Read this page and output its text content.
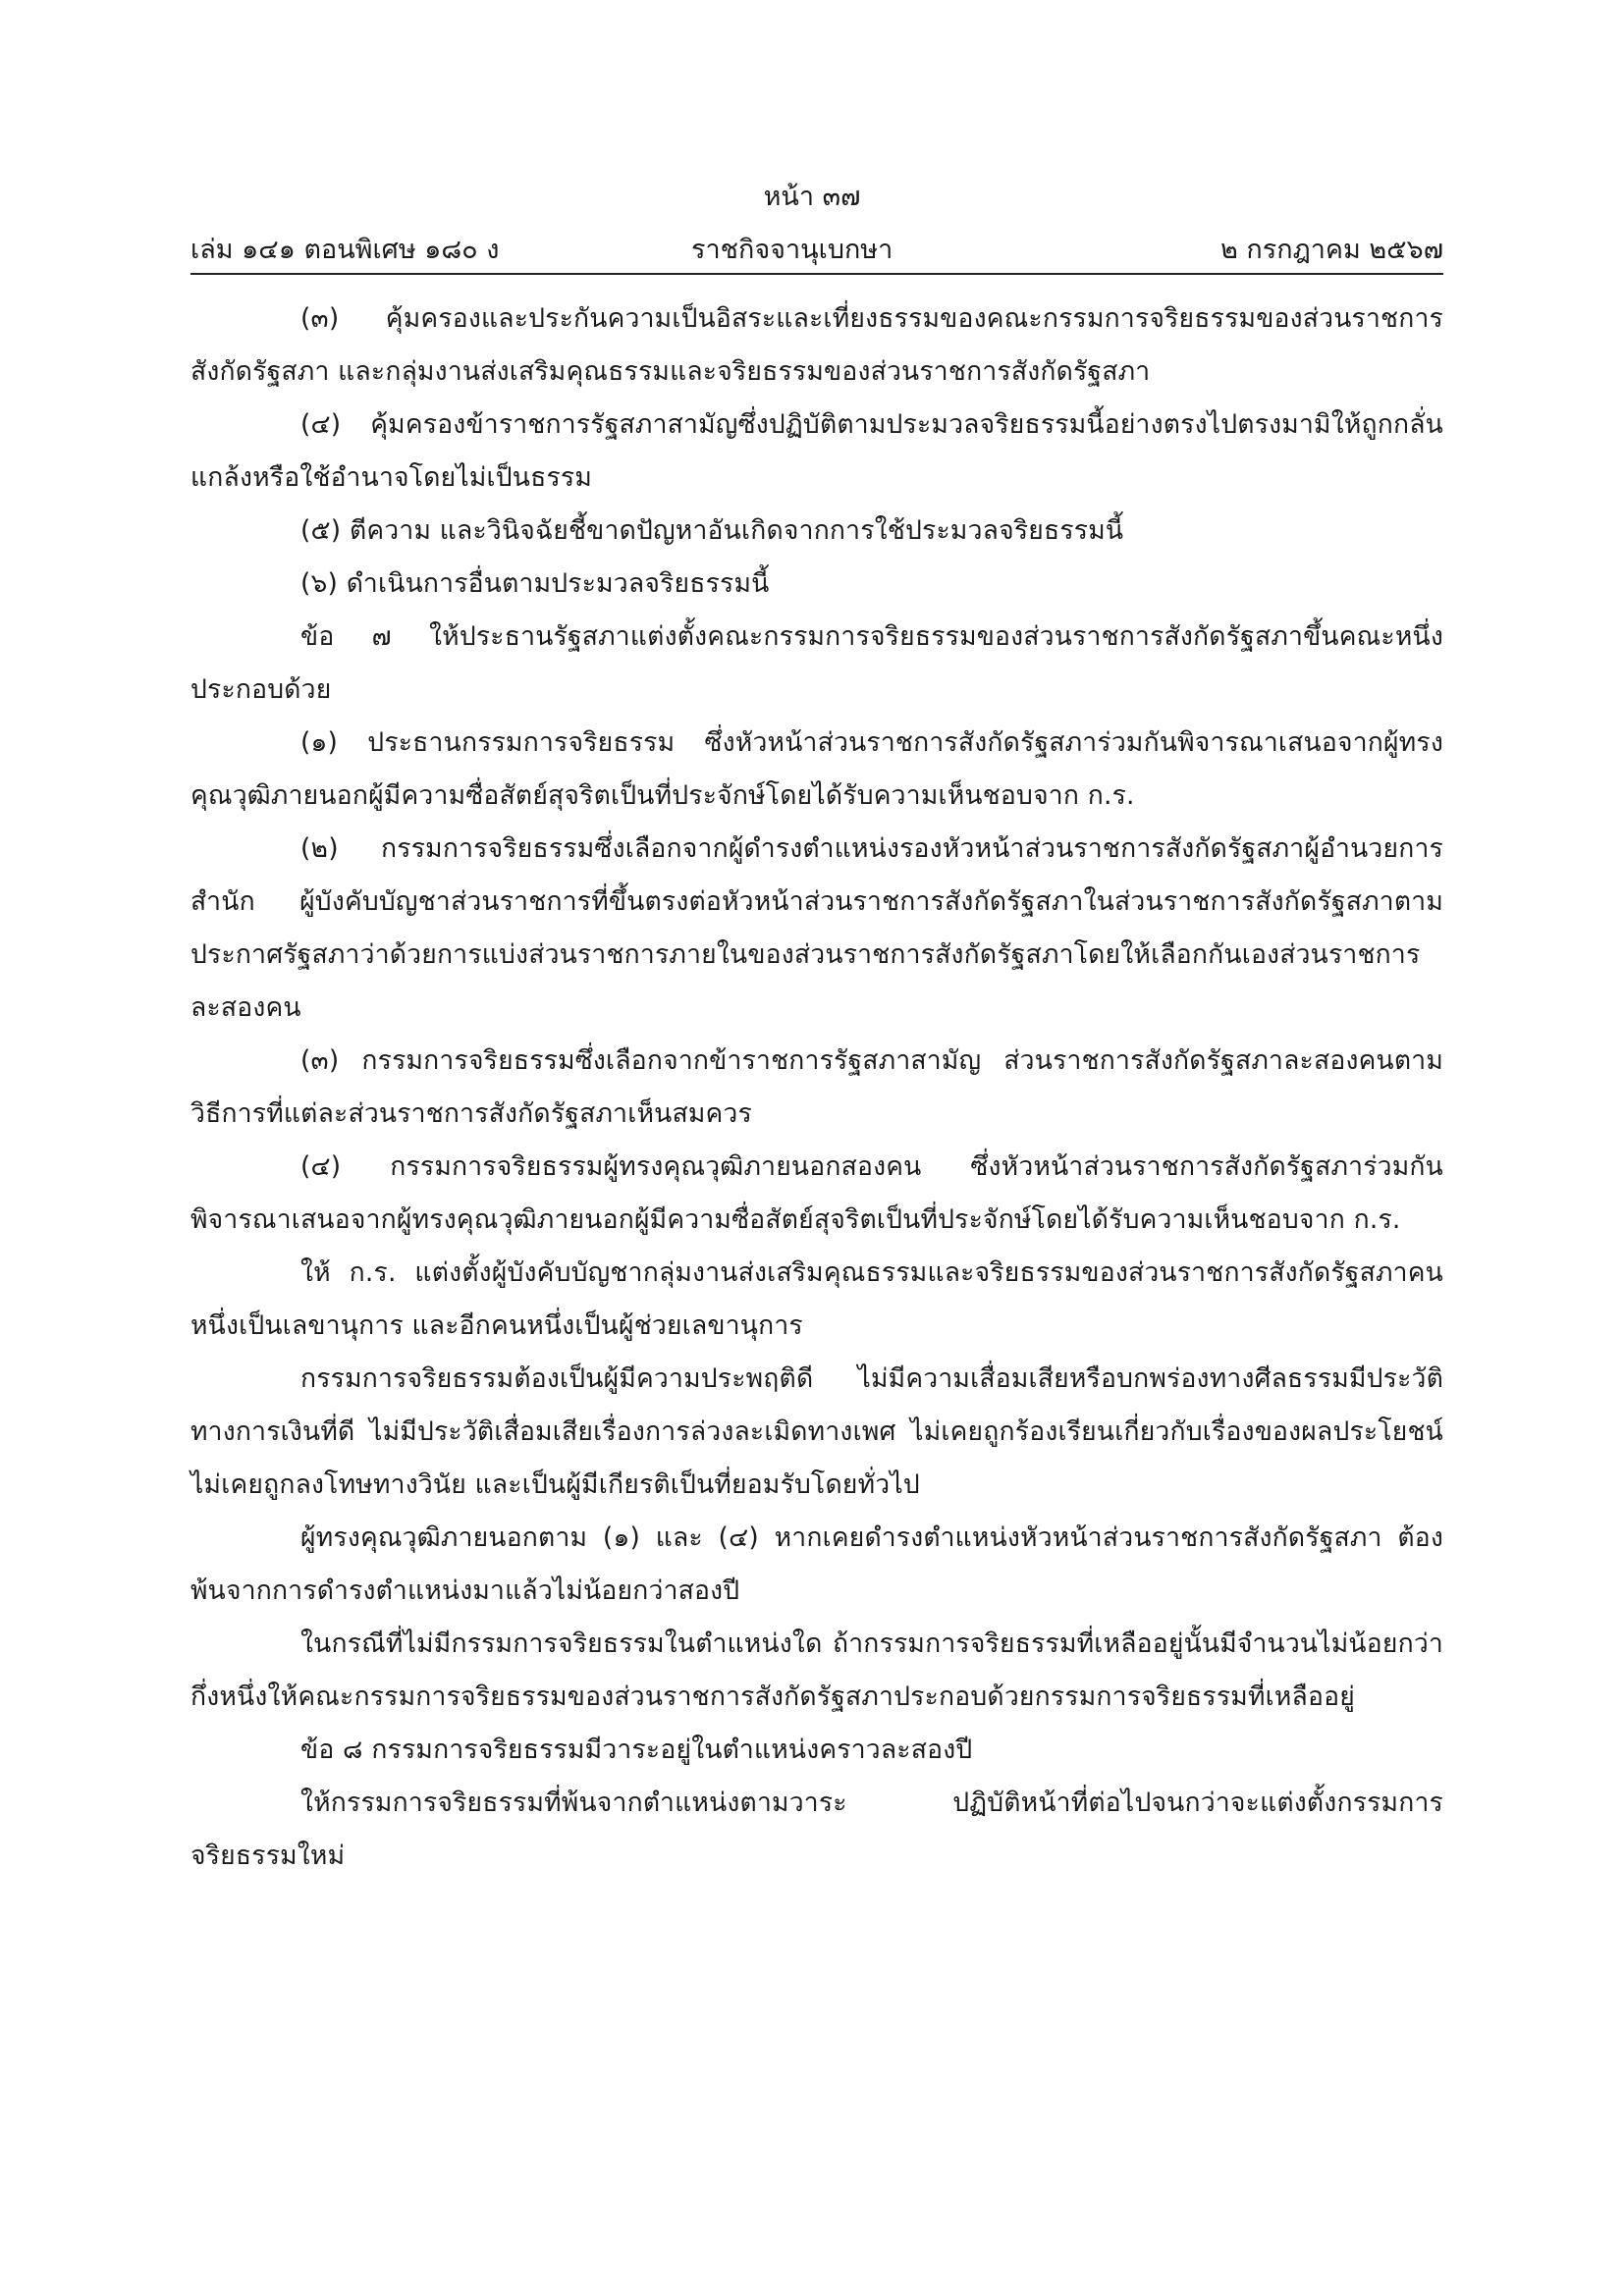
หน้า ๓๗
เล่ม ๑๔๑ ตอนพิเศษ ๑๘๐ ง	ราชกิจจานุเบกษา	๒ กรกฎาคม ๒๕๖๗

(๓) คุ้มครองและประกันความเป็นอิสระและเที่ยงธรรมของคณะกรรมการจริยธรรมของส่วนราชการสังกัดรัฐสภา และกลุ่มงานส่งเสริมคุณธรรมและจริยธรรมของส่วนราชการสังกัดรัฐสภา

(๔) คุ้มครองข้าราชการรัฐสภาสามัญซึ่งปฏิบัติตามประมวลจริยธรรมนี้อย่างตรงไปตรงมามิให้ถูกกลั่นแกล้งหรือใช้อำนาจโดยไม่เป็นธรรม

(๕) ตีความ และวินิจฉัยชี้ขาดปัญหาอันเกิดจากการใช้ประมวลจริยธรรมนี้

(๖) ดำเนินการอื่นตามประมวลจริยธรรมนี้

ข้อ ๗ ให้ประธานรัฐสภาแต่งตั้งคณะกรรมการจริยธรรมของส่วนราชการสังกัดรัฐสภาขึ้นคณะหนึ่ง ประกอบด้วย

(๑) ประธานกรรมการจริยธรรม ซึ่งหัวหน้าส่วนราชการสังกัดรัฐสภาร่วมกันพิจารณาเสนอจากผู้ทรงคุณวุฒิภายนอกผู้มีความซื่อสัตย์สุจริตเป็นที่ประจักษ์โดยได้รับความเห็นชอบจาก ก.ร.

(๒) กรรมการจริยธรรมซึ่งเลือกจากผู้ดำรงตำแหน่งรองหัวหน้าส่วนราชการสังกัดรัฐสภาผู้อำนวยการสำนัก ผู้บังคับบัญชาส่วนราชการที่ขึ้นตรงต่อหัวหน้าส่วนราชการสังกัดรัฐสภาในส่วนราชการสังกัดรัฐสภาตามประกาศรัฐสภาว่าด้วยการแบ่งส่วนราชการภายในของส่วนราชการสังกัดรัฐสภาโดยให้เลือกกันเองส่วนราชการละสองคน

(๓) กรรมการจริยธรรมซึ่งเลือกจากข้าราชการรัฐสภาสามัญ ส่วนราชการสังกัดรัฐสภาละสองคนตามวิธีการที่แต่ละส่วนราชการสังกัดรัฐสภาเห็นสมควร

(๔) กรรมการจริยธรรมผู้ทรงคุณวุฒิภายนอกสองคน ซึ่งหัวหน้าส่วนราชการสังกัดรัฐสภาร่วมกันพิจารณาเสนอจากผู้ทรงคุณวุฒิภายนอกผู้มีความซื่อสัตย์สุจริตเป็นที่ประจักษ์โดยได้รับความเห็นชอบจาก ก.ร.

ให้ ก.ร. แต่งตั้งผู้บังคับบัญชากลุ่มงานส่งเสริมคุณธรรมและจริยธรรมของส่วนราชการสังกัดรัฐสภาคนหนึ่งเป็นเลขานุการ และอีกคนหนึ่งเป็นผู้ช่วยเลขานุการ

กรรมการจริยธรรมต้องเป็นผู้มีความประพฤติดี ไม่มีความเสื่อมเสียหรือบกพร่องทางศีลธรรมมีประวัติทางการเงินที่ดี ไม่มีประวัติเสื่อมเสียเรื่องการล่วงละเมิดทางเพศ ไม่เคยถูกร้องเรียนเกี่ยวกับเรื่องของผลประโยชน์ ไม่เคยถูกลงโทษทางวินัย และเป็นผู้มีเกียรติเป็นที่ยอมรับโดยทั่วไป

ผู้ทรงคุณวุฒิภายนอกตาม (๑) และ (๔) หากเคยดำรงตำแหน่งหัวหน้าส่วนราชการสังกัดรัฐสภา ต้องพ้นจากการดำรงตำแหน่งมาแล้วไม่น้อยกว่าสองปี

ในกรณีที่ไม่มีกรรมการจริยธรรมในตำแหน่งใด ถ้ากรรมการจริยธรรมที่เหลืออยู่นั้นมีจำนวนไม่น้อยกว่ากึ่งหนึ่งให้คณะกรรมการจริยธรรมของส่วนราชการสังกัดรัฐสภาประกอบด้วยกรรมการจริยธรรมที่เหลืออยู่

ข้อ ๘ กรรมการจริยธรรมมีวาระอยู่ในตำแหน่งคราวละสองปี

ให้กรรมการจริยธรรมที่พ้นจากตำแหน่งตามวาระ ปฏิบัติหน้าที่ต่อไปจนกว่าจะแต่งตั้งกรรมการจริยธรรมใหม่
